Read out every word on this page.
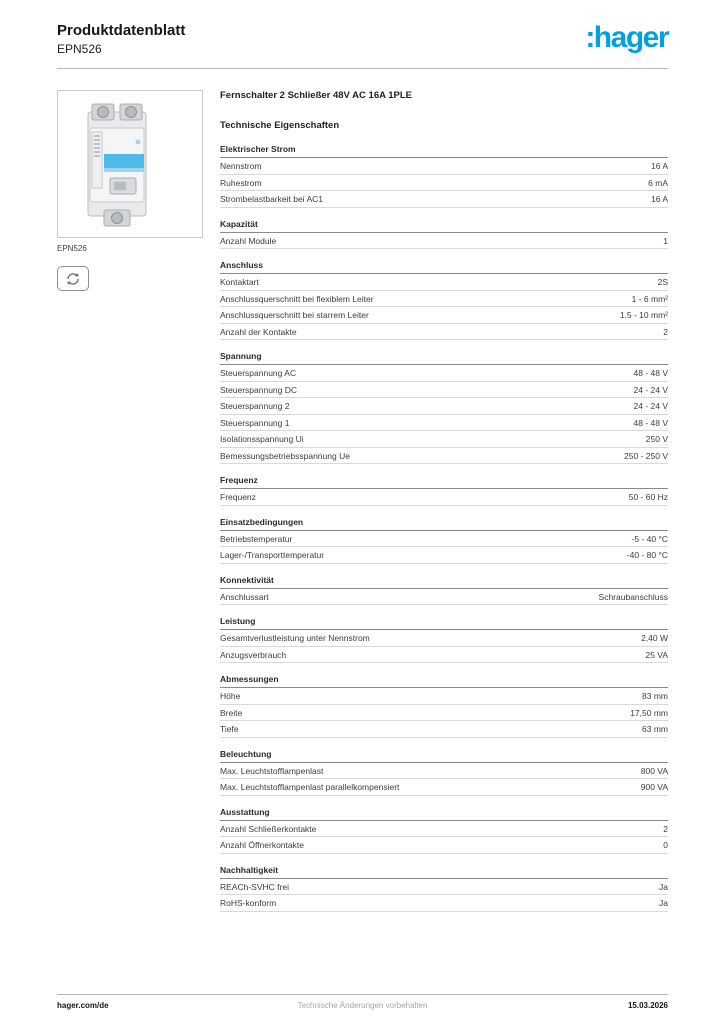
Produktdatenblatt
EPN526	:hager
EPN526
Fernschalter 2 Schließer 48V AC 16A 1PLE
Technische Eigenschaften
Elektrischer Strom
Nennstrom	16 A
Ruhestrom	6 mA
Strombelastbarkeit bei AC1	16 A
Kapazität
Anzahl Module	1
Anschluss
Kontaktart	2S
Anschlussquerschnitt bei flexiblem Leiter	1 - 6 mm²
Anschlussquerschnitt bei starrem Leiter	1.5 - 10 mm²
Anzahl der Kontakte	2
Spannung
Steuerspannung AC	48 - 48 V
Steuerspannung DC	24 - 24 V
Steuerspannung 2	24 - 24 V
Steuerspannung 1	48 - 48 V
Isolationsspannung Ui	250 V
Bemessungsbetriebsspannung Ue	250 - 250 V
Frequenz
Frequenz	50 - 60 Hz
Einsatzbedingungen
Betriebstemperatur	-5 - 40 °C
Lager-/Transporttemperatur	-40 - 80 °C
Konnektivität
Anschlussart	Schraubanschluss
Leistung
Gesamtverlustleistung unter Nennstrom	2,40 W
Anzugsverbrauch	25 VA
Abmessungen
Höhe	83 mm
Breite	17,50 mm
Tiefe	63 mm
Beleuchtung
Max. Leuchtstofflampenlast	800 VA
Max. Leuchtstofflampenlast parallelkompensiert	900 VA
Ausstattung
Anzahl Schließerkontakte	2
Anzahl Öffnerkontakte	0
Nachhaltigkeit
REACh-SVHC frei	Ja
RoHS-konform	Ja
hager.com/de	Technische Änderungen vorbehalten	15.03.2026
